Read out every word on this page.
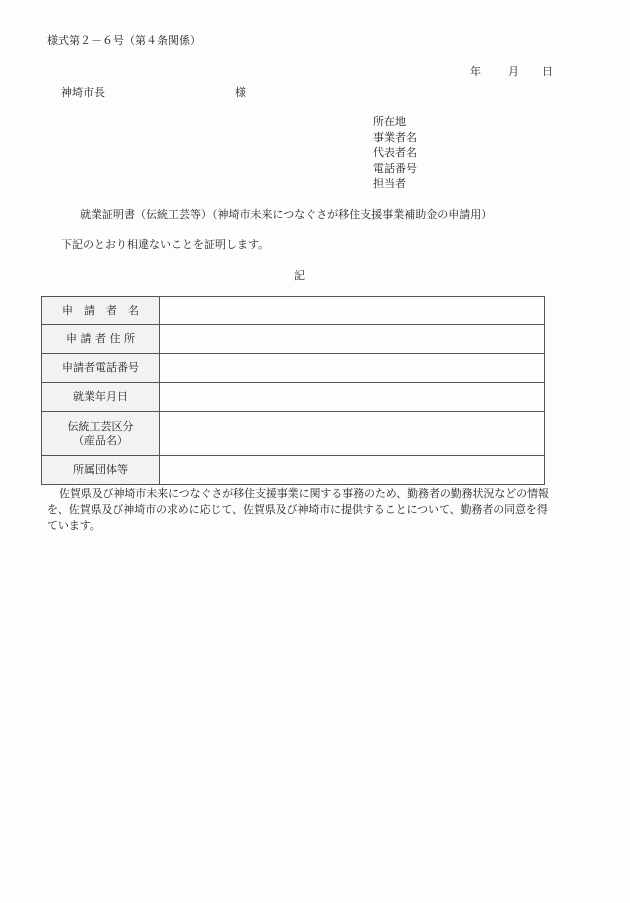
様式第２－６号（第４条関係）
年 月 日
神埼市長	様
所在地
事業者名
代表者名
電話番号
担当者
就業証明書（伝統工芸等）（神埼市未来につなぐさが移住支援事業補助金の申請用）
下記のとおり相違ないことを証明します。
記
申　請　者　名	
申 請 者 住 所	
申請者電話番号	
就業年月日	

伝統工芸区分
（産品名）	

所属団体等	
佐賀県及び神埼市未来につなぐさが移住支援事業に関する事務のため、勤務者の勤務状況などの情報を、佐賀県及び神埼市の求めに応じて、佐賀県及び神埼市に提供することについて、勤務者の同意を得ています。
